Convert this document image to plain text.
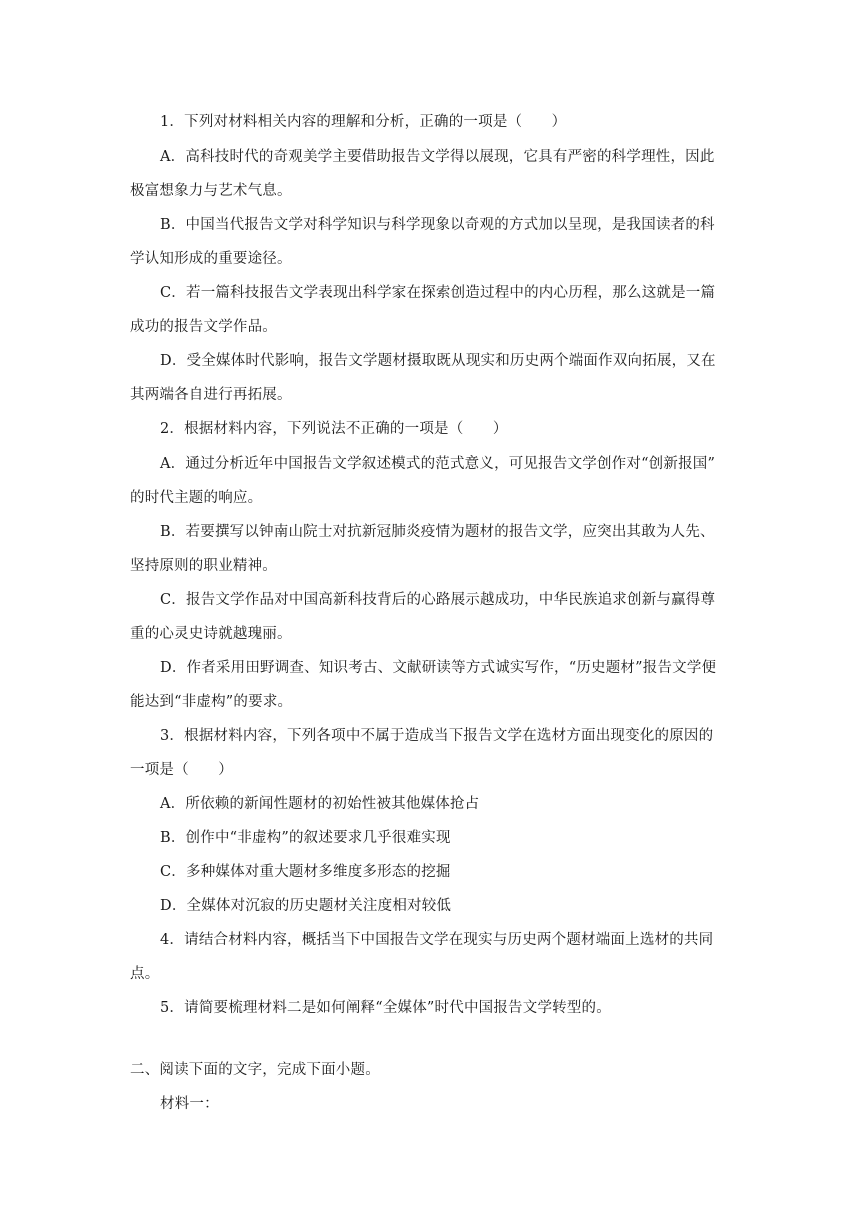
1．下列对材料相关内容的理解和分析，正确的一项是（　　）
A．高科技时代的奇观美学主要借助报告文学得以展现，它具有严密的科学理性，因此
极富想象力与艺术气息。
B．中国当代报告文学对科学知识与科学现象以奇观的方式加以呈现，是我国读者的科
学认知形成的重要途径。
C．若一篇科技报告文学表现出科学家在探索创造过程中的内心历程，那么这就是一篇
成功的报告文学作品。
D．受全媒体时代影响，报告文学题材摄取既从现实和历史两个端面作双向拓展，又在
其两端各自进行再拓展。
2．根据材料内容，下列说法不正确的一项是（　　）
A．通过分析近年中国报告文学叙述模式的范式意义，可见报告文学创作对“创新报国”
的时代主题的响应。
B．若要撰写以钟南山院士对抗新冠肺炎疫情为题材的报告文学，应突出其敢为人先、
坚持原则的职业精神。
C．报告文学作品对中国高新科技背后的心路展示越成功，中华民族追求创新与赢得尊
重的心灵史诗就越瑰丽。
D．作者采用田野调查、知识考古、文献研读等方式诚实写作，“历史题材”报告文学便
能达到“非虚构”的要求。
3．根据材料内容，下列各项中不属于造成当下报告文学在选材方面出现变化的原因的
一项是（　　）
A．所依赖的新闻性题材的初始性被其他媒体抢占
B．创作中“非虚构”的叙述要求几乎很难实现
C．多种媒体对重大题材多维度多形态的挖掘
D．全媒体对沉寂的历史题材关注度相对较低
4．请结合材料内容，概括当下中国报告文学在现实与历史两个题材端面上选材的共同
点。
5．请简要梳理材料二是如何阐释“全媒体”时代中国报告文学转型的。
二、阅读下面的文字，完成下面小题。
材料一：
